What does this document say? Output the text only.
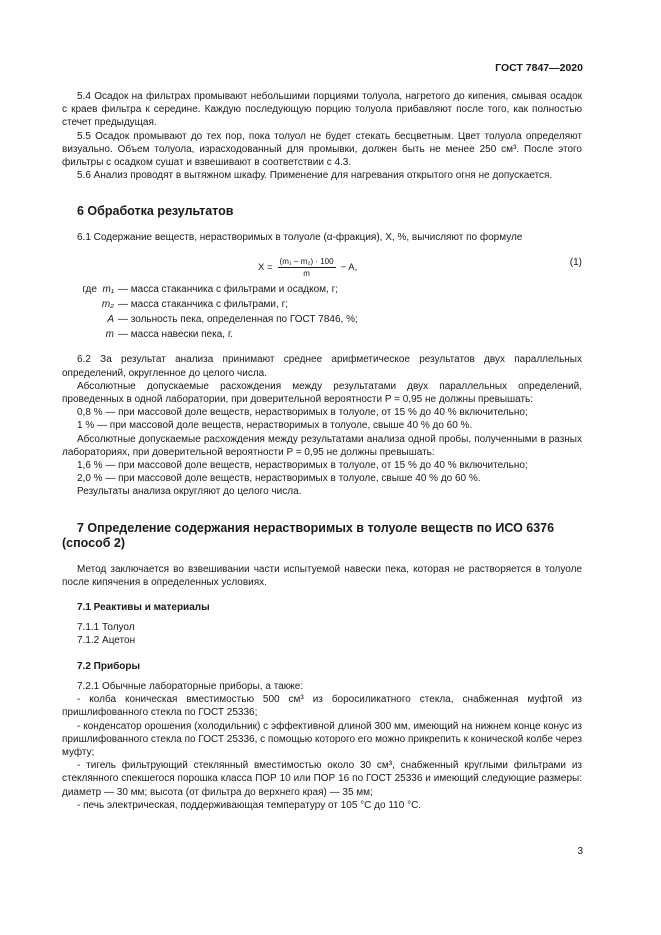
ГОСТ 7847—2020

5.4 Осадок на фильтрах промывают небольшими порциями толуола, нагретого до кипения, смывая осадок с краев фильтра к середине. Каждую последующую порцию толуола прибавляют после того, как полностью стечет предыдущая.

5.5 Осадок промывают до тех пор, пока толуол не будет стекать бесцветным. Цвет толуола определяют визуально. Объем толуола, израсходованный для промывки, должен быть не менее 250 см³. После этого фильтры с осадком сушат и взвешивают в соответствии с 4.3.

5.6 Анализ проводят в вытяжном шкафу. Применение для нагревания открытого огня не допускается.

6 Обработка результатов

6.1 Содержание веществ, нерастворимых в толуоле (α-фракция), X, %, вычисляют по формуле

$X = \frac{\text{(m₁ − m₂) · 100}}{m} - A$,	(1)
где m₁ — масса стаканчика с фильтрами и осадком, г;
m₂ — масса стаканчика с фильтрами, г;
A — зольность пека, определенная по ГОСТ 7846, %;
m — масса навески пека, г.

6.2 За результат анализа принимают среднее арифметическое результатов двух параллельных определений, округленное до целого числа.

Абсолютные допускаемые расхождения между результатами двух параллельных определений, проведенных в одной лаборатории, при доверительной вероятности P = 0,95 не должны превышать:

0,8 % — при массовой доле веществ, нерастворимых в толуоле, от 15 % до 40 % включительно;

1 % — при массовой доле веществ, нерастворимых в толуоле, свыше 40 % до 60 %.

Абсолютные допускаемые расхождения между результатами анализа одной пробы, полученными в разных лабораториях, при доверительной вероятности P = 0,95 не должны превышать:

1,6 % — при массовой доле веществ, нерастворимых в толуоле, от 15 % до 40 % включительно;

2,0 % — при массовой доле веществ, нерастворимых в толуоле, свыше 40 % до 60 %.

Результаты анализа округляют до целого числа.

7 Определение содержания нерастворимых в толуоле веществ по ИСО 6376 (способ 2)

Метод заключается во взвешивании части испытуемой навески пека, которая не растворяется в толуоле после кипячения в определенных условиях.

7.1 Реактивы и материалы

7.1.1 Толуол

7.1.2 Ацетон

7.2 Приборы

7.2.1 Обычные лабораторные приборы, а также:

- колба коническая вместимостью 500 см³ из боросиликатного стекла, снабженная муфтой из пришлифованного стекла по ГОСТ 25336;

- конденсатор орошения (холодильник) с эффективной длиной 300 мм, имеющий на нижнем конце конус из пришлифованного стекла по ГОСТ 25336, с помощью которого его можно прикрепить к конической колбе через муфту;

- тигель фильтрующий стеклянный вместимостью около 30 см³, снабженный круглыми фильтрами из стеклянного спекшегося порошка класса ПОР 10 или ПОР 16 по ГОСТ 25336 и имеющий следующие размеры: диаметр — 30 мм; высота (от фильтра до верхнего края) — 35 мм;

- печь электрическая, поддерживающая температуру от 105 °С до 110 °С.

3
